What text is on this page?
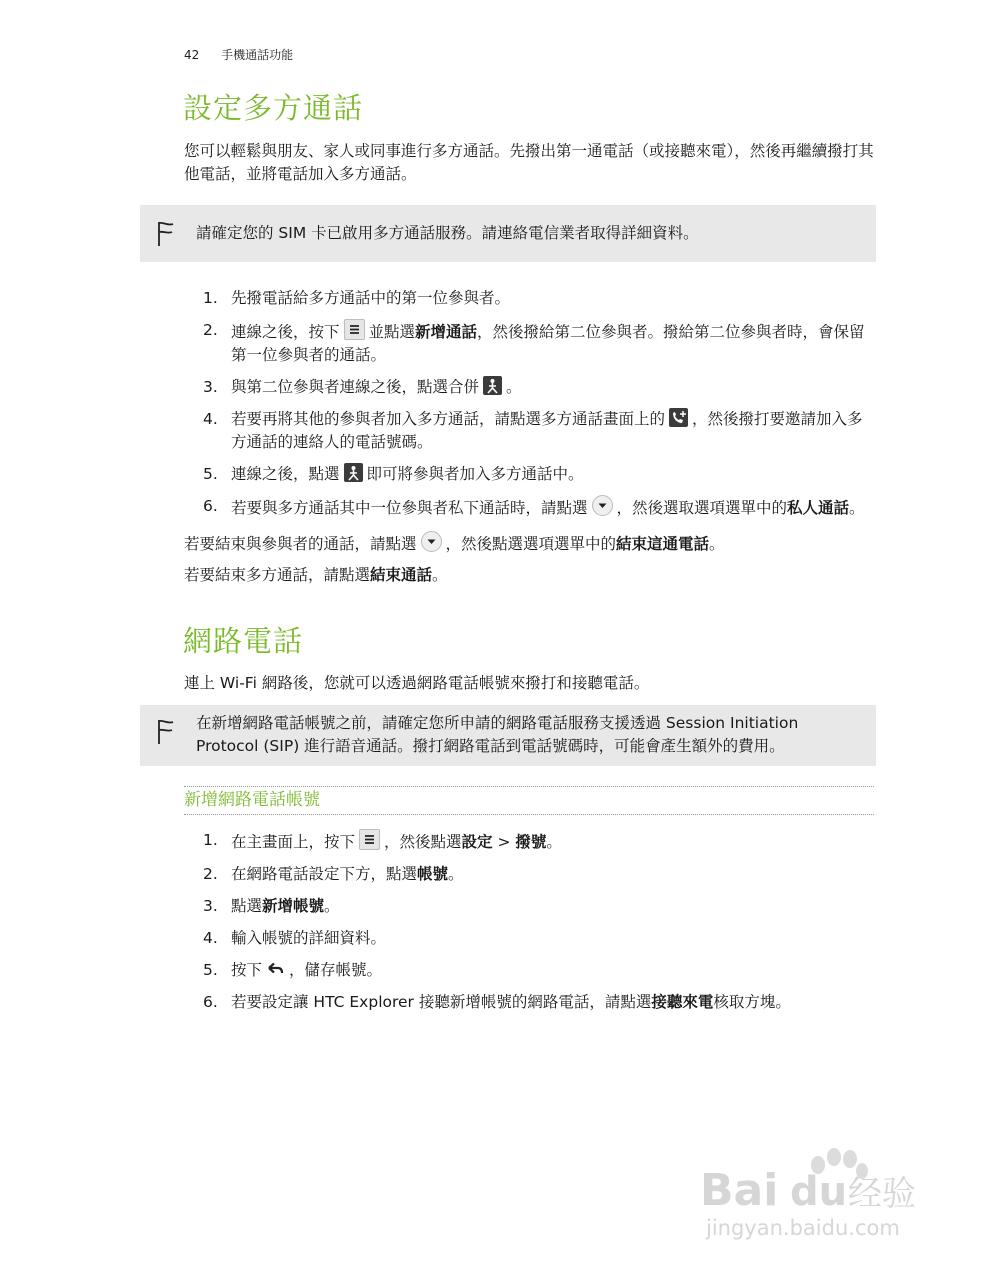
42 手機通話功能
設定多方通話
您可以輕鬆與朋友、家人或同事進行多方通話。先撥出第一通電話（或接聽來電），然後再繼續撥打其他電話，並將電話加入多方通話。
請確定您的 SIM 卡已啟用多方通話服務。請連絡電信業者取得詳細資料。
1. 先撥電話給多方通話中的第一位參與者。
2. 連線之後，按下 並點選新增通話，然後撥給第二位參與者。撥給第二位參與者時，會保留第一位參與者的通話。
3. 與第二位參與者連線之後，點選合併 。
4. 若要再將其他的參與者加入多方通話，請點選多方通話畫面上的 ，然後撥打要邀請加入多方通話的連絡人的電話號碼。
5. 連線之後，點選 即可將參與者加入多方通話中。
6. 若要與多方通話其中一位參與者私下通話時，請點選 ，然後選取選項選單中的私人通話。
若要結束與參與者的通話，請點選 ，然後點選選項選單中的結束這通電話。
若要結束多方通話，請點選結束通話。
網路電話
連上 Wi-Fi 網路後，您就可以透過網路電話帳號來撥打和接聽電話。
在新增網路電話帳號之前，請確定您所申請的網路電話服務支援透過 Session Initiation Protocol (SIP) 進行語音通話。撥打網路電話到電話號碼時，可能會產生額外的費用。
新增網路電話帳號
1. 在主畫面上，按下 ，然後點選設定 > 撥號。
2. 在網路電話設定下方，點選帳號。
3. 點選新增帳號。
4. 輸入帳號的詳細資料。
5. 按下 ，儲存帳號。
6. 若要設定讓 HTC Explorer 接聽新增帳號的網路電話，請點選接聽來電核取方塊。
Bai du 经验
jingyan.baidu.com
